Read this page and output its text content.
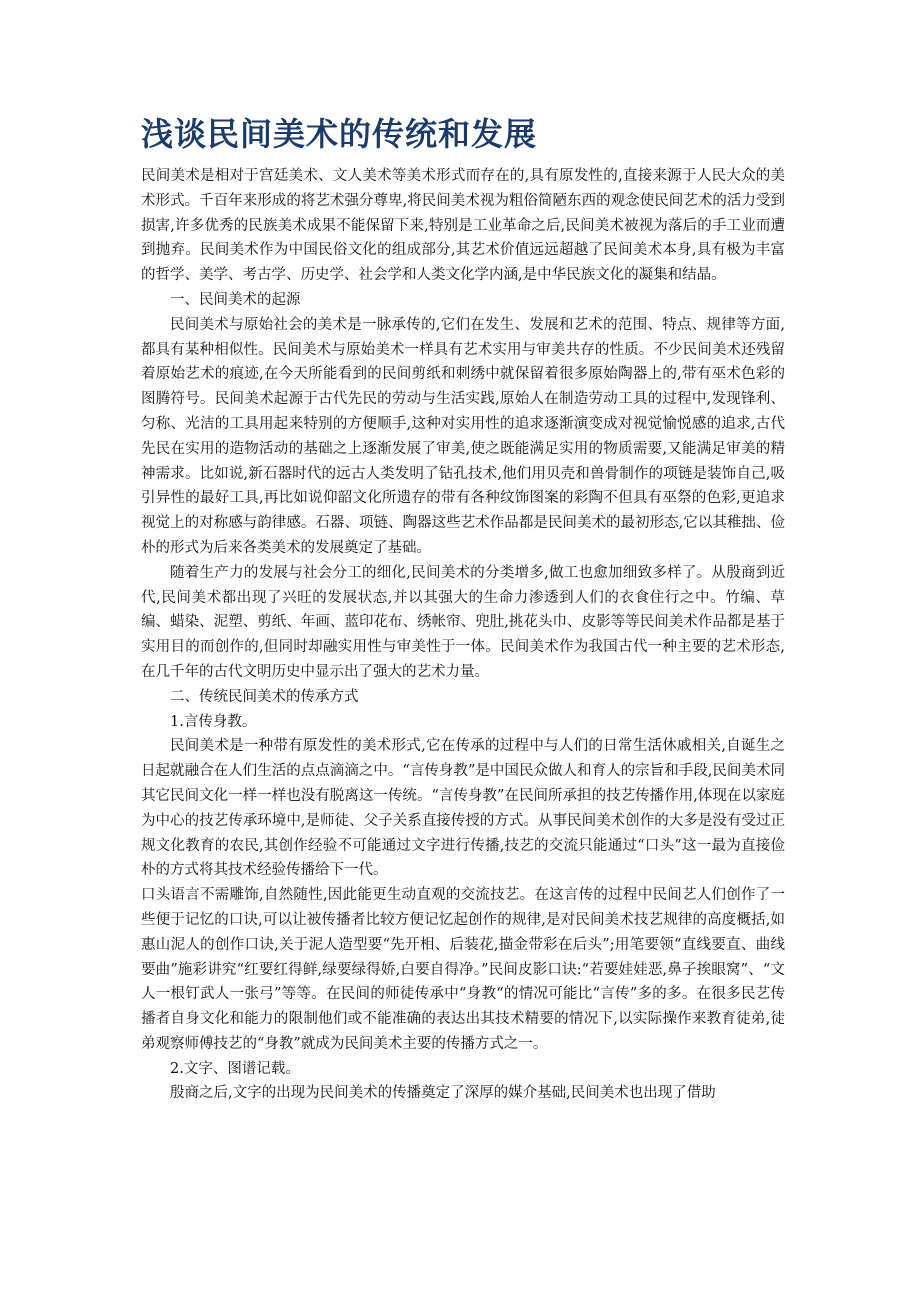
浅谈民间美术的传统和发展

民间美术是相对于宫廷美术、文人美术等美术形式而存在的,具有原发性的,直接来源于人民大众的美术形式。千百年来形成的将艺术强分尊卑,将民间美术视为粗俗简陋东西的观念使民间艺术的活力受到损害,许多优秀的民族美术成果不能保留下来,特别是工业革命之后,民间美术被视为落后的手工业而遭到抛弃。民间美术作为中国民俗文化的组成部分,其艺术价值远远超越了民间美术本身,具有极为丰富的哲学、美学、考古学、历史学、社会学和人类文化学内涵,是中华民族文化的凝集和结晶。

一、民间美术的起源

民间美术与原始社会的美术是一脉承传的,它们在发生、发展和艺术的范围、特点、规律等方面,都具有某种相似性。民间美术与原始美术一样具有艺术实用与审美共存的性质。不少民间美术还残留着原始艺术的痕迹,在今天所能看到的民间剪纸和刺绣中就保留着很多原始陶器上的,带有巫术色彩的图腾符号。民间美术起源于古代先民的劳动与生活实践,原始人在制造劳动工具的过程中,发现锋利、匀称、光洁的工具用起来特别的方便顺手,这种对实用性的追求逐渐演变成对视觉愉悦感的追求,古代先民在实用的造物活动的基础之上逐渐发展了审美,使之既能满足实用的物质需要,又能满足审美的精神需求。比如说,新石器时代的远古人类发明了钻孔技术,他们用贝壳和兽骨制作的项链是装饰自己,吸引异性的最好工具,再比如说仰韶文化所遗存的带有各种纹饰图案的彩陶不但具有巫祭的色彩,更追求视觉上的对称感与韵律感。石器、项链、陶器这些艺术作品都是民间美术的最初形态,它以其稚拙、俭朴的形式为后来各类美术的发展奠定了基础。

随着生产力的发展与社会分工的细化,民间美术的分类增多,做工也愈加细致多样了。从殷商到近代,民间美术都出现了兴旺的发展状态,并以其强大的生命力渗透到人们的衣食住行之中。竹编、草编、蜡染、泥塑、剪纸、年画、蓝印花布、绣帐帘、兜肚,挑花头巾、皮影等等民间美术作品都是基于实用目的而创作的,但同时却融实用性与审美性于一体。民间美术作为我国古代一种主要的艺术形态,在几千年的古代文明历史中显示出了强大的艺术力量。

二、传统民间美术的传承方式

1.言传身教。

民间美术是一种带有原发性的美术形式,它在传承的过程中与人们的日常生活休戚相关,自诞生之日起就融合在人们生活的点点滴滴之中。“言传身教”是中国民众做人和育人的宗旨和手段,民间美术同其它民间文化一样一样也没有脱离这一传统。“言传身教”在民间所承担的技艺传播作用,体现在以家庭为中心的技艺传承环境中,是师徒、父子关系直接传授的方式。从事民间美术创作的大多是没有受过正规文化教育的农民,其创作经验不可能通过文字进行传播,技艺的交流只能通过“口头”这一最为直接俭朴的方式将其技术经验传播给下一代。

口头语言不需雕饰,自然随性,因此能更生动直观的交流技艺。在这言传的过程中民间艺人们创作了一些便于记忆的口诀,可以让被传播者比较方便记忆起创作的规律,是对民间美术技艺规律的高度概括,如惠山泥人的创作口诀,关于泥人造型要“先开相、后装花,描金带彩在后头”;用笔要领“直线要直、曲线要曲”施彩讲究“红要红得鲜,绿要绿得娇,白要自得净。”民间皮影口诀:“若要娃娃恶,鼻子挨眼窝”、“文人一根钉武人一张弓”等等。在民间的师徒传承中“身教“的情况可能比“言传”多的多。在很多民艺传播者自身文化和能力的限制他们或不能准确的表达出其技术精要的情况下,以实际操作来教育徒弟,徒弟观察师傅技艺的“身教”就成为民间美术主要的传播方式之一。

2.文字、图谱记载。

殷商之后,文字的出现为民间美术的传播奠定了深厚的媒介基础,民间美术也出现了借助
